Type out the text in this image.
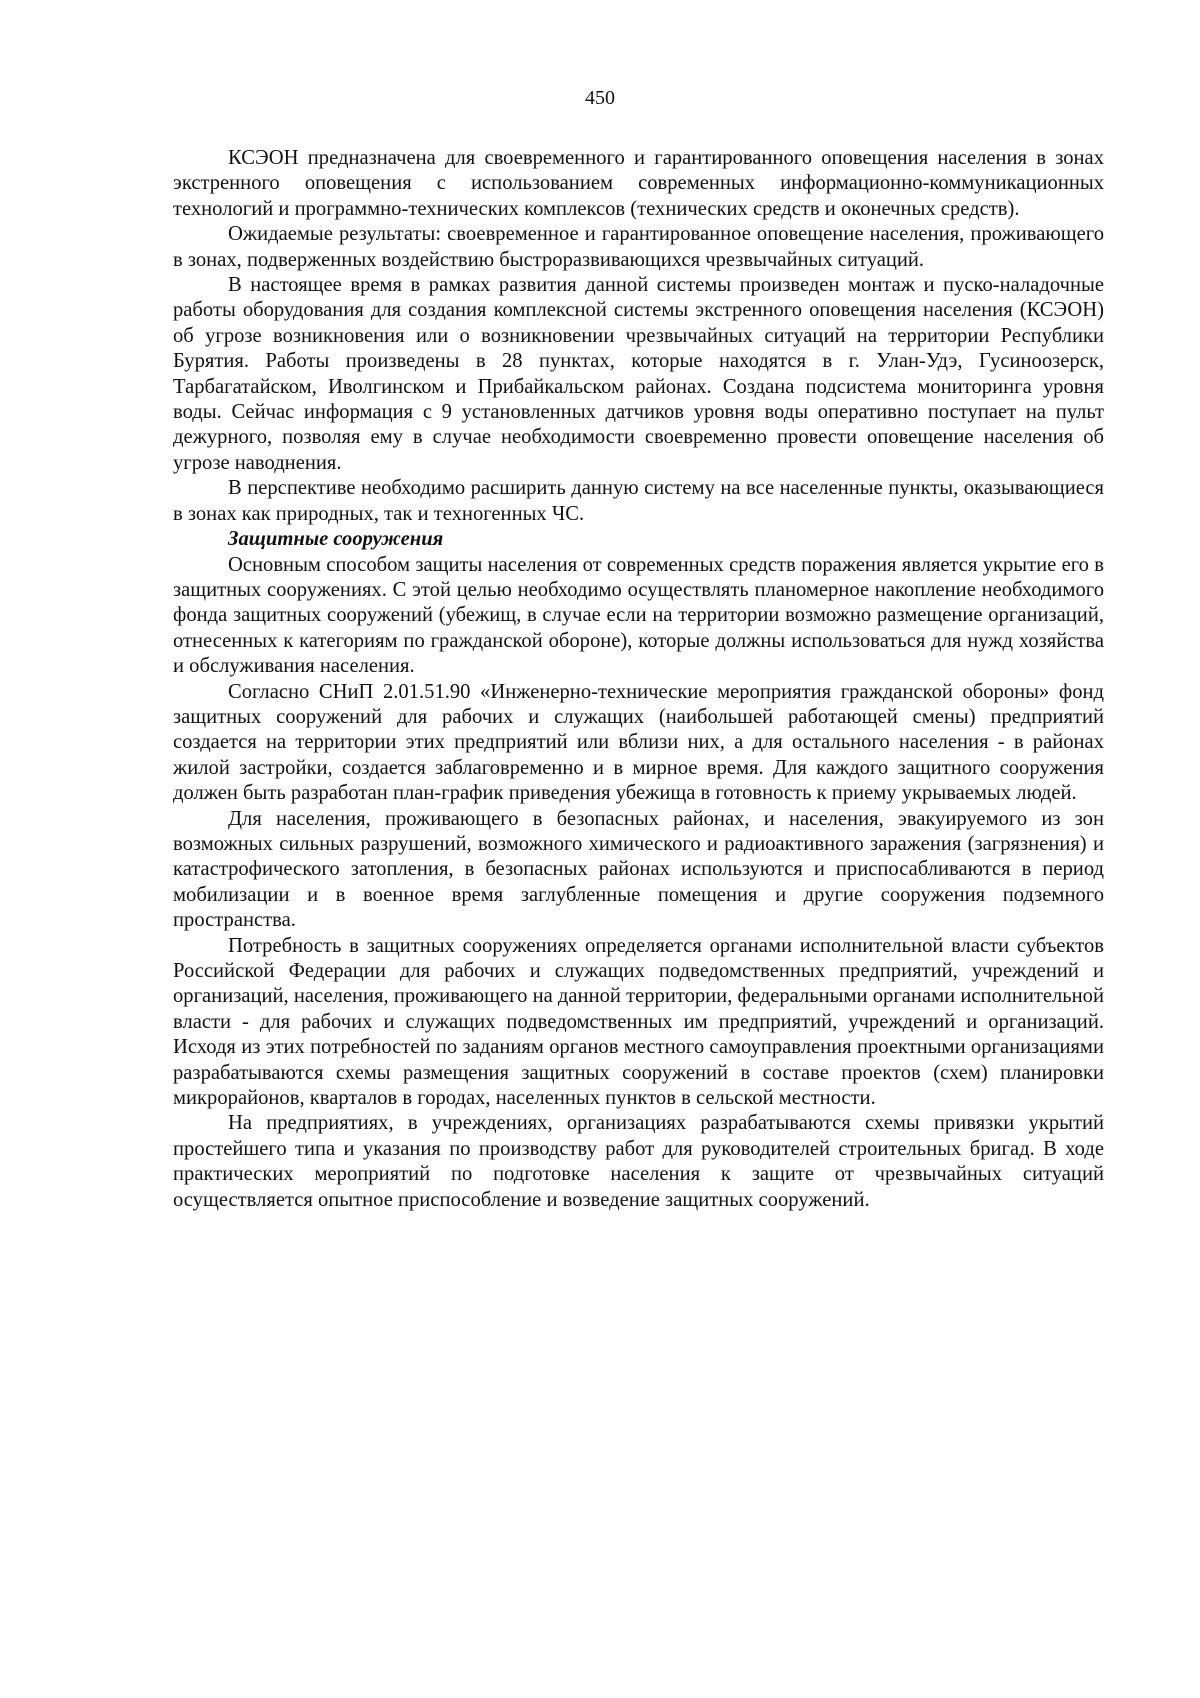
450

КСЭОН предназначена для своевременного и гарантированного оповещения населения в зонах экстренного оповещения с использованием современных информационно-коммуникационных технологий и программно-технических комплексов (технических средств и оконечных средств).

Ожидаемые результаты: своевременное и гарантированное оповещение населения, проживающего в зонах, подверженных воздействию быстроразвивающихся чрезвычайных ситуаций.

В настоящее время в рамках развития данной системы произведен монтаж и пуско-наладочные работы оборудования для создания комплексной системы экстренного оповещения населения (КСЭОН) об угрозе возникновения или о возникновении чрезвычайных ситуаций на территории Республики Бурятия. Работы произведены в 28 пунктах, которые находятся в г. Улан-Удэ, Гусиноозерск, Тарбагатайском, Иволгинском и Прибайкальском районах. Создана подсистема мониторинга уровня воды. Сейчас информация с 9 установленных датчиков уровня воды оперативно поступает на пульт дежурного, позволяя ему в случае необходимости своевременно провести оповещение населения об угрозе наводнения.

В перспективе необходимо расширить данную систему на все населенные пункты, оказывающиеся в зонах как природных, так и техногенных ЧС.

Защитные сооружения

Основным способом защиты населения от современных средств поражения является укрытие его в защитных сооружениях. С этой целью необходимо осуществлять планомерное накопление необходимого фонда защитных сооружений (убежищ, в случае если на территории возможно размещение организаций, отнесенных к категориям по гражданской обороне), которые должны использоваться для нужд хозяйства и обслуживания населения.

Согласно СНиП 2.01.51.90 «Инженерно-технические мероприятия гражданской обороны» фонд защитных сооружений для рабочих и служащих (наибольшей работающей смены) предприятий создается на территории этих предприятий или вблизи них, а для остального населения - в районах жилой застройки, создается заблаговременно и в мирное время. Для каждого защитного сооружения должен быть разработан план-график приведения убежища в готовность к приему укрываемых людей.

Для населения, проживающего в безопасных районах, и населения, эвакуируемого из зон возможных сильных разрушений, возможного химического и радиоактивного заражения (загрязнения) и катастрофического затопления, в безопасных районах используются и приспосабливаются в период мобилизации и в военное время заглубленные помещения и другие сооружения подземного пространства.

Потребность в защитных сооружениях определяется органами исполнительной власти субъектов Российской Федерации для рабочих и служащих подведомственных предприятий, учреждений и организаций, населения, проживающего на данной территории, федеральными органами исполнительной власти - для рабочих и служащих подведомственных им предприятий, учреждений и организаций. Исходя из этих потребностей по заданиям органов местного самоуправления проектными организациями разрабатываются схемы размещения защитных сооружений в составе проектов (схем) планировки микрорайонов, кварталов в городах, населенных пунктов в сельской местности.

На предприятиях, в учреждениях, организациях разрабатываются схемы привязки укрытий простейшего типа и указания по производству работ для руководителей строительных бригад. В ходе практических мероприятий по подготовке населения к защите от чрезвычайных ситуаций осуществляется опытное приспособление и возведение защитных сооружений.
